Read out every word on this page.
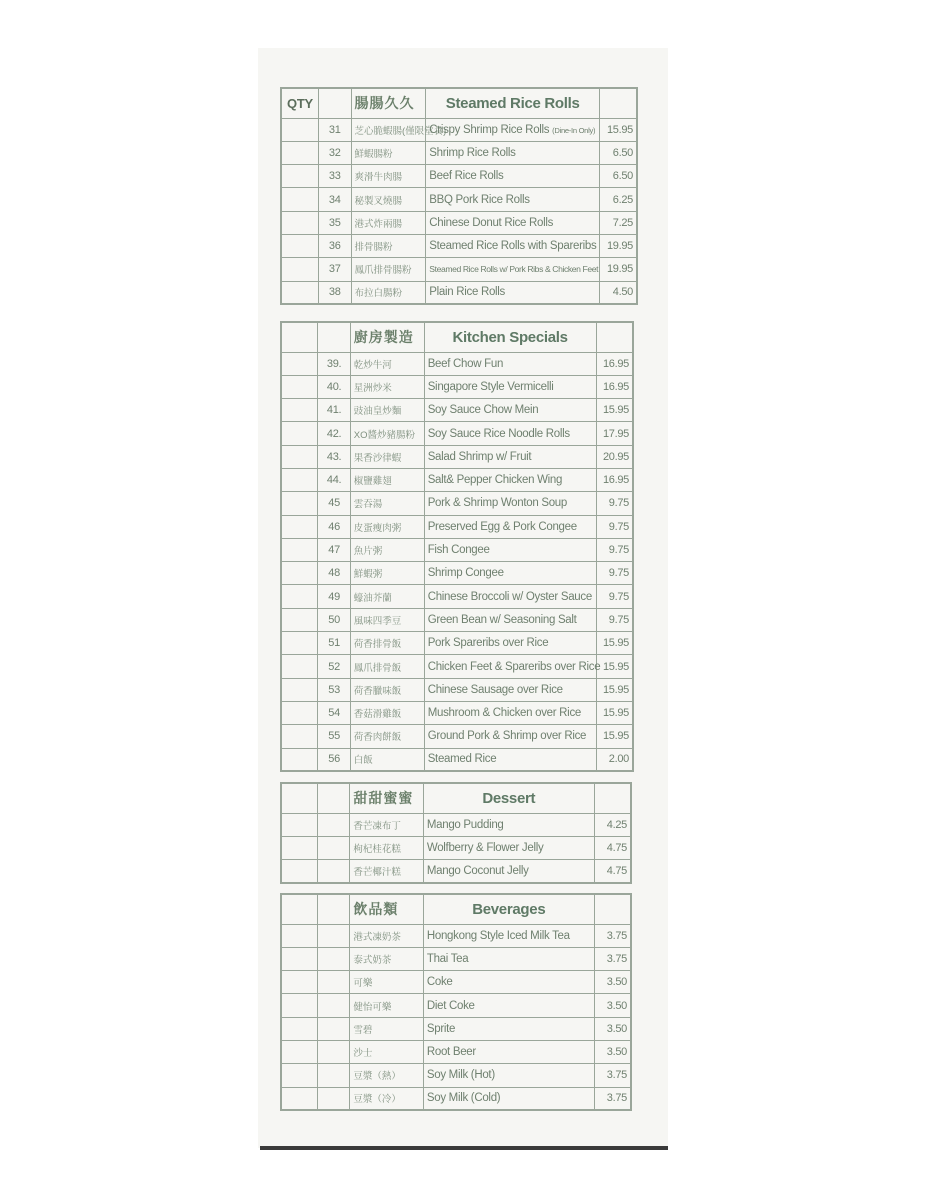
QTY		腸腸久久	Steamed Rice Rolls	
	31	芝心脆蝦腸(僅限堂食)	Crispy Shrimp Rice Rolls (Dine-In Only)	15.95
	32	鮮蝦腸粉	Shrimp Rice Rolls	6.50
	33	爽滑牛肉腸	Beef Rice Rolls	6.50
	34	秘製叉燒腸	BBQ Pork Rice Rolls	6.25
	35	港式炸兩腸	Chinese Donut Rice Rolls	7.25
	36	排骨腸粉	Steamed Rice Rolls with Spareribs	19.95
	37	鳳爪排骨腸粉	Steamed Rice Rolls w/ Pork Ribs & Chicken Feet	19.95
	38	布拉白腸粉	Plain Rice Rolls	4.50
		廚房製造	Kitchen Specials	
	39.	乾炒牛河	Beef Chow Fun	16.95
	40.	星洲炒米	Singapore Style Vermicelli	16.95
	41.	豉油皇炒麵	Soy Sauce Chow Mein	15.95
	42.	XO醬炒豬腸粉	Soy Sauce Rice Noodle Rolls	17.95
	43.	果香沙律蝦	Salad Shrimp w/ Fruit	20.95
	44.	椒鹽雞翅	Salt& Pepper Chicken Wing	16.95
	45	雲吞湯	Pork & Shrimp Wonton Soup	9.75
	46	皮蛋瘦肉粥	Preserved Egg & Pork Congee	9.75
	47	魚片粥	Fish Congee	9.75
	48	鮮蝦粥	Shrimp Congee	9.75
	49	蠔油芥蘭	Chinese Broccoli w/ Oyster Sauce	9.75
	50	風味四季豆	Green Bean w/ Seasoning Salt	9.75
	51	荷香排骨飯	Pork Spareribs over Rice	15.95
	52	鳳爪排骨飯	Chicken Feet & Spareribs over Rice	15.95
	53	荷香臘味飯	Chinese Sausage over Rice	15.95
	54	香菇滑雞飯	Mushroom & Chicken over Rice	15.95
	55	荷香肉餅飯	Ground Pork & Shrimp over Rice	15.95
	56	白飯	Steamed Rice	2.00
		甜甜蜜蜜	Dessert	
		香芒凍布丁	Mango Pudding	4.25
		枸杞桂花糕	Wolfberry & Flower Jelly	4.75
		香芒椰汁糕	Mango Coconut Jelly	4.75
		飲品類	Beverages	
		港式凍奶茶	Hongkong Style Iced Milk Tea	3.75
		泰式奶茶	Thai Tea	3.75
		可樂	Coke	3.50
		健怡可樂	Diet Coke	3.50
		雪碧	Sprite	3.50
		沙士	Root Beer	3.50
		豆漿（熱）	Soy Milk (Hot)	3.75
		豆漿（冷）	Soy Milk (Cold)	3.75
